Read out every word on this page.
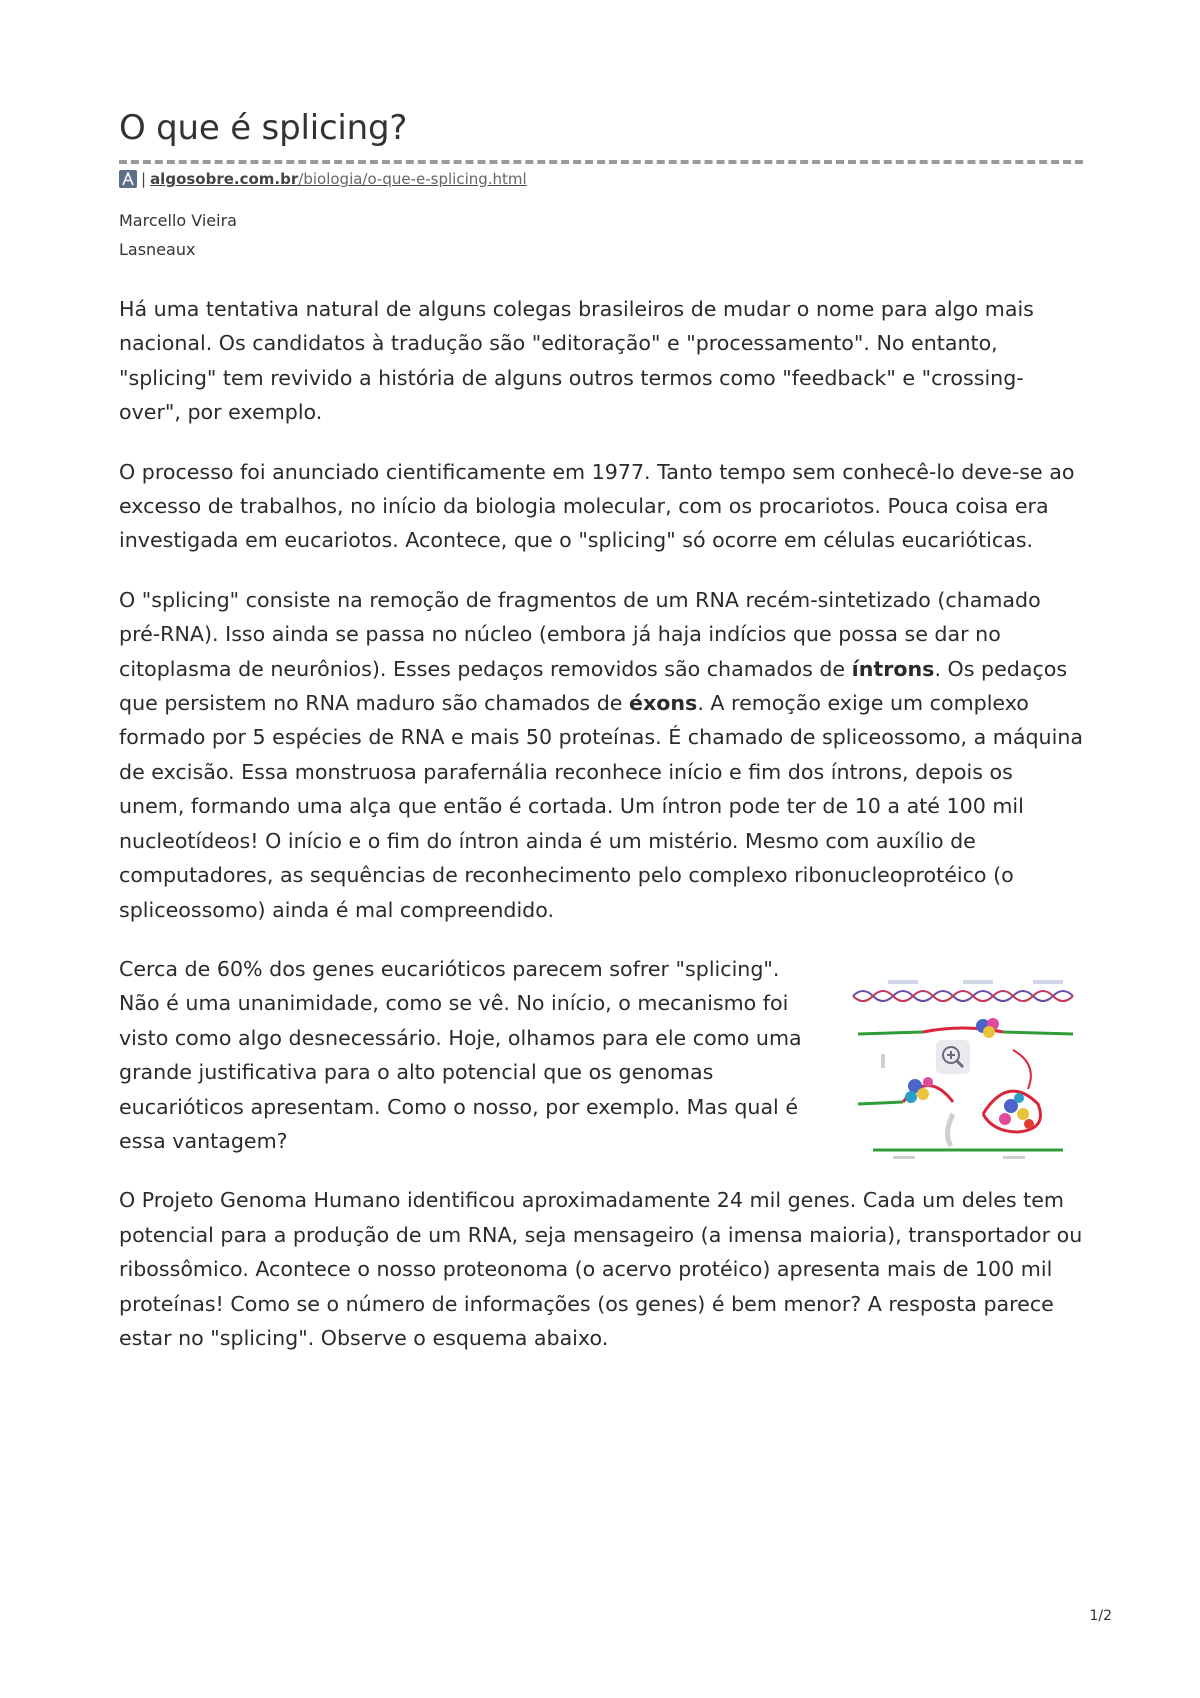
O que é splicing?
| algosobre.com.br/biologia/o-que-e-splicing.html
Marcello Vieira
Lasneaux

Há uma tentativa natural de alguns colegas brasileiros de mudar o nome para algo mais nacional. Os candidatos à tradução são "editoração" e "processamento". No entanto, "splicing" tem revivido a história de alguns outros termos como "feedback" e "crossing-over", por exemplo.

O processo foi anunciado cientificamente em 1977. Tanto tempo sem conhecê-lo deve-se ao excesso de trabalhos, no início da biologia molecular, com os procariotos. Pouca coisa era investigada em eucariotos. Acontece, que o "splicing" só ocorre em células eucarióticas.

O "splicing" consiste na remoção de fragmentos de um RNA recém-sintetizado (chamado pré-RNA). Isso ainda se passa no núcleo (embora já haja indícios que possa se dar no citoplasma de neurônios). Esses pedaços removidos são chamados de íntrons. Os pedaços que persistem no RNA maduro são chamados de éxons. A remoção exige um complexo formado por 5 espécies de RNA e mais 50 proteínas. É chamado de spliceossomo, a máquina de excisão. Essa monstruosa parafernália reconhece início e fim dos íntrons, depois os unem, formando uma alça que então é cortada. Um íntron pode ter de 10 a até 100 mil nucleotídeos! O início e o fim do íntron ainda é um mistério. Mesmo com auxílio de computadores, as sequências de reconhecimento pelo complexo ribonucleoprotéico (o spliceossomo) ainda é mal compreendido.

Cerca de 60% dos genes eucarióticos parecem sofrer "splicing". Não é uma unanimidade, como se vê. No início, o mecanismo foi visto como algo desnecessário. Hoje, olhamos para ele como uma grande justificativa para o alto potencial que os genomas eucarióticos apresentam. Como o nosso, por exemplo. Mas qual é essa vantagem?

O Projeto Genoma Humano identificou aproximadamente 24 mil genes. Cada um deles tem potencial para a produção de um RNA, seja mensageiro (a imensa maioria), transportador ou ribossômico. Acontece o nosso proteonoma (o acervo protéico) apresenta mais de 100 mil proteínas! Como se o número de informações (os genes) é bem menor? A resposta parece estar no "splicing". Observe o esquema abaixo.

1/2
